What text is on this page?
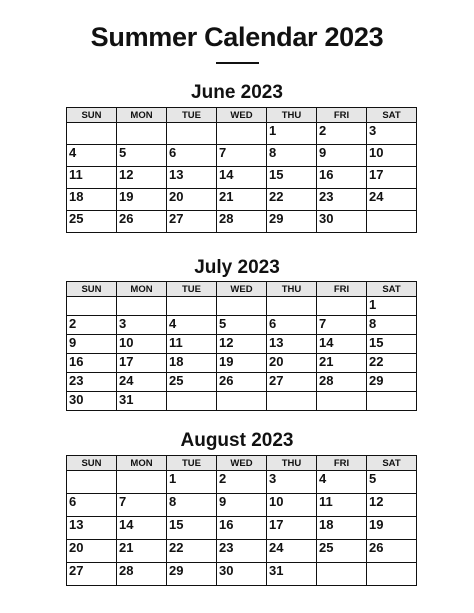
Summer Calendar 2023
June 2023
SUN	MON	TUE	WED	THU	FRI	SAT
				1	2	3
4	5	6	7	8	9	10
11	12	13	14	15	16	17
18	19	20	21	22	23	24
25	26	27	28	29	30	
July 2023
SUN	MON	TUE	WED	THU	FRI	SAT
						1
2	3	4	5	6	7	8
9	10	11	12	13	14	15
16	17	18	19	20	21	22
23	24	25	26	27	28	29
30	31					
August 2023
SUN	MON	TUE	WED	THU	FRI	SAT
		1	2	3	4	5
6	7	8	9	10	11	12
13	14	15	16	17	18	19
20	21	22	23	24	25	26
27	28	29	30	31		
